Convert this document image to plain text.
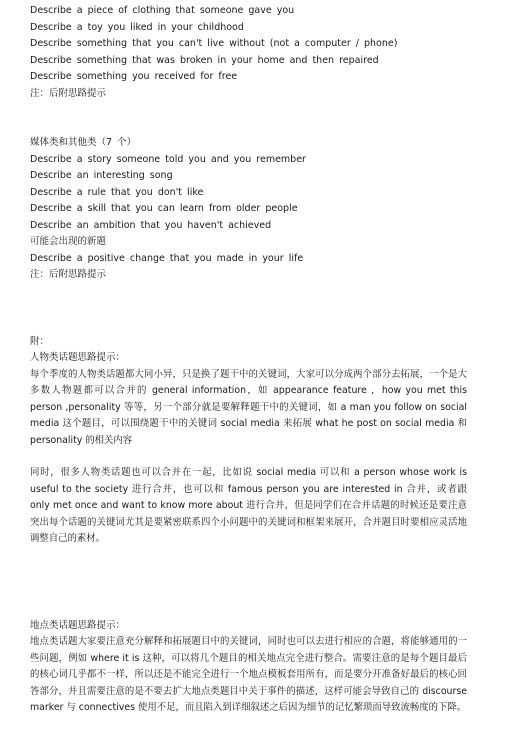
Describe a piece of clothing that someone gave you
Describe a toy you liked in your childhood
Describe something that you can't live without (not a computer / phone)
Describe something that was broken in your home and then repaired
Describe something you received for free
注：后附思路提示
媒体类和其他类（7 个）
Describe a story someone told you and you remember
Describe an interesting song
Describe a rule that you don't like
Describe a skill that you can learn from older people
Describe an ambition that you haven't achieved
可能会出现的新题
Describe a positive change that you made in your life
注：后附思路提示
附：
人物类话题思路提示：
每个季度的人物类话题都大同小异，只是换了题干中的关键词，大家可以分成两个部分去拓展，一个是大多数人物题都可以合并的 general information，如 appearance feature ，how you met this person ,personality 等等，另一个部分就是要解释题干中的关键词，如 a man you follow on social media 这个题目，可以围绕题干中的关键词 social media 来拓展 what he post on social media 和 personality 的相关内容
同时，很多人物类话题也可以合并在一起，比如说 social media 可以和 a person whose work is useful to the society 进行合并，也可以和 famous person you are interested in 合并，或者跟 only met once and want to know more about 进行合并，但是同学们在合并话题的时候还是要注意突出每个话题的关键词尤其是要紧密联系四个小问题中的关键词和框架来展开，合并题目时要相应灵活地调整自己的素材。
地点类话题思路提示：
地点类话题大家要注意充分解释和拓展题目中的关键词，同时也可以去进行相应的合题，将能够通用的一些问题，例如 where it is 这种，可以将几个题目的相关地点完全进行整合。需要注意的是每个题目最后的核心词几乎都不一样，所以还是不能完全进行一个地点模板套用所有，而是要分开准备好最后的核心回答部分，并且需要注意的是不要去扩大地点类题目中关于事件的描述，这样可能会导致自己的 discourse marker 与 connectives 使用不足，而且陷入到详细叙述之后因为细节的记忆繁琐而导致流畅度的下降。
